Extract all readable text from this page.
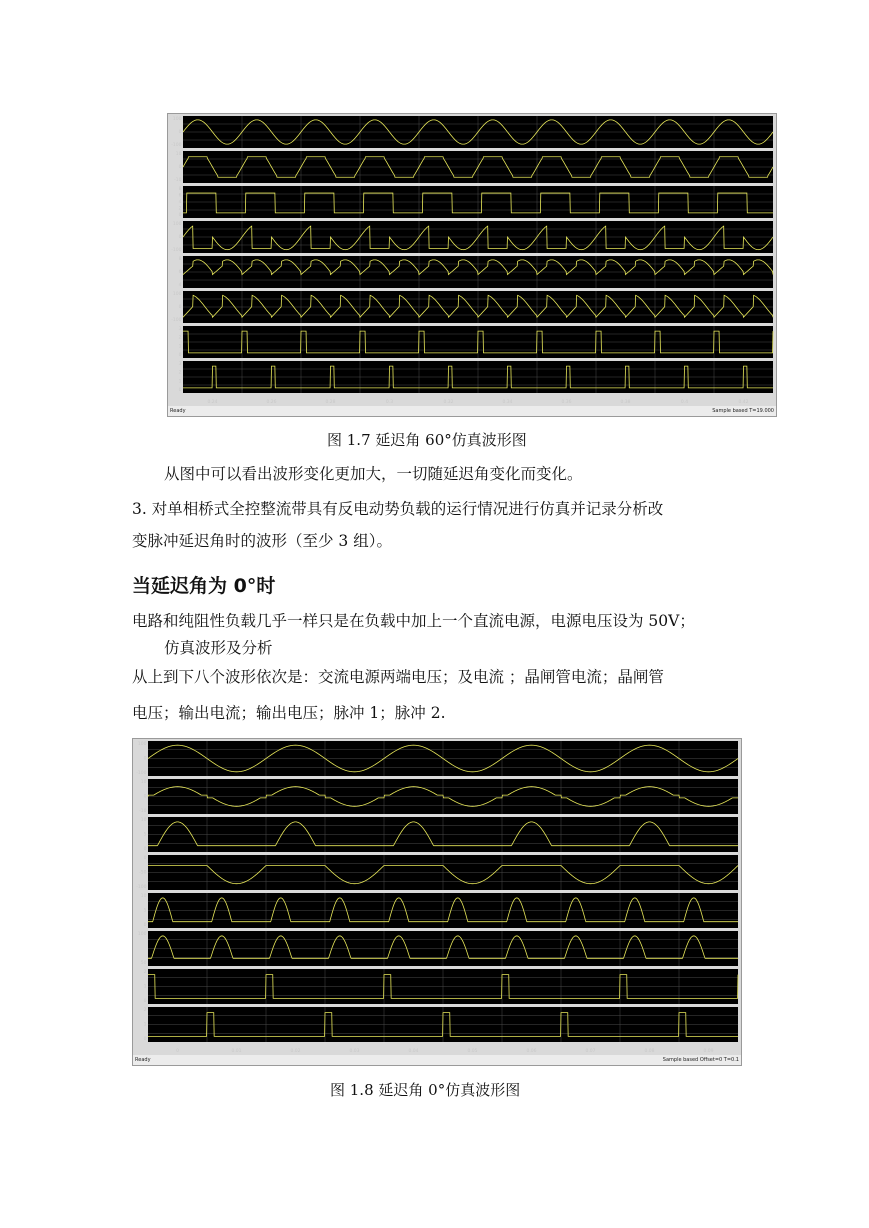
100
0
-100
10
0
-10
8
6
4
2
0
100
0
-100
8
6
4
100
0
-100
3
2
1
0
3
2
1
0
0.24	0.26	0.28	0.3	0.32	0.34	0.36	0.38	0.4	0.42
Ready	Sample based T=19.000
图 1.7 延迟角 60°仿真波形图
从图中可以看出波形变化更加大，一切随延迟角变化而变化。
3. 对单相桥式全控整流带具有反电动势负载的运行情况进行仿真并记录分析改
变脉冲延迟角时的波形（至少 3 组）。
当延迟角为 0°时
电路和纯阻性负载几乎一样只是在负载中加上一个直流电源，电源电压设为 50V；
仿真波形及分析
从上到下八个波形依次是：交流电源两端电压；及电流 ；晶闸管电流；晶闸管
电压；输出电流；输出电压；脉冲 1；脉冲 2.
100
0
-100
10
0
-10
10
5
0
0
-50
-100
10
5
0
100
50
2
1
0
2
1
0
0	0.01	0.02	0.03	0.04	0.05	0.06	0.07	0.08	0.09
Ready	Sample based Offset=0 T=0.1
图 1.8 延迟角 0°仿真波形图
